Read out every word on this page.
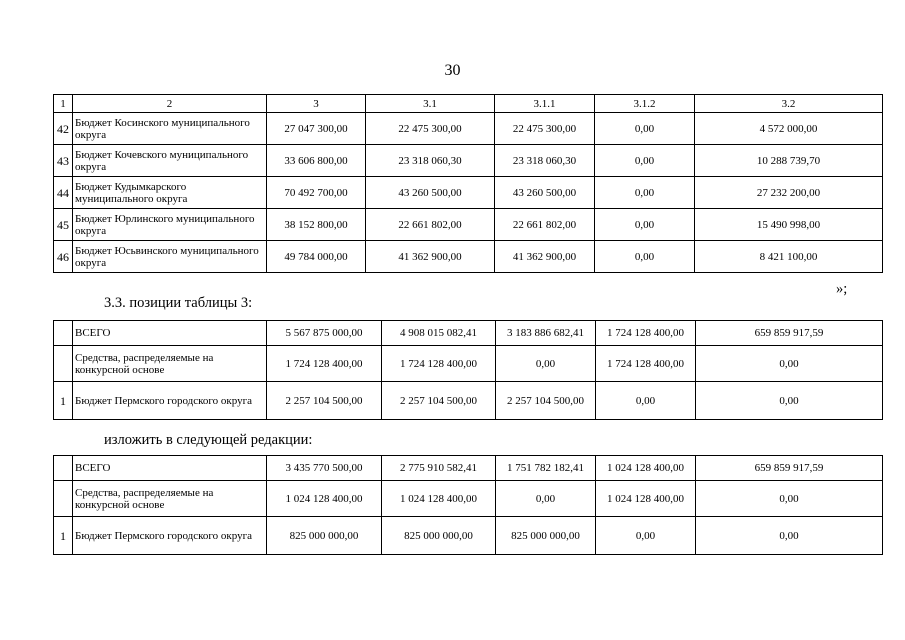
30
1	2	3	3.1	3.1.1	3.1.2	3.2
42	Бюджет Косинского муниципального округа	27 047 300,00	22 475 300,00	22 475 300,00	0,00	4 572 000,00
43	Бюджет Кочевского муниципального округа	33 606 800,00	23 318 060,30	23 318 060,30	0,00	10 288 739,70
44	Бюджет Кудымкарского муниципального округа	70 492 700,00	43 260 500,00	43 260 500,00	0,00	27 232 200,00
45	Бюджет Юрлинского муниципального округа	38 152 800,00	22 661 802,00	22 661 802,00	0,00	15 490 998,00
46	Бюджет Юсьвинского муниципального округа	49 784 000,00	41 362 900,00	41 362 900,00	0,00	8 421 100,00
»;
3.3. позиции таблицы 3:
	ВСЕГО	5 567 875 000,00	4 908 015 082,41	3 183 886 682,41	1 724 128 400,00	659 859 917,59
	Средства, распределяемые на конкурсной основе	1 724 128 400,00	1 724 128 400,00	0,00	1 724 128 400,00	0,00
1	Бюджет Пермского городского округа	2 257 104 500,00	2 257 104 500,00	2 257 104 500,00	0,00	0,00
изложить в следующей редакции:
	ВСЕГО	3 435 770 500,00	2 775 910 582,41	1 751 782 182,41	1 024 128 400,00	659 859 917,59
	Средства, распределяемые на конкурсной основе	1 024 128 400,00	1 024 128 400,00	0,00	1 024 128 400,00	0,00
1	Бюджет Пермского городского округа	825 000 000,00	825 000 000,00	825 000 000,00	0,00	0,00
